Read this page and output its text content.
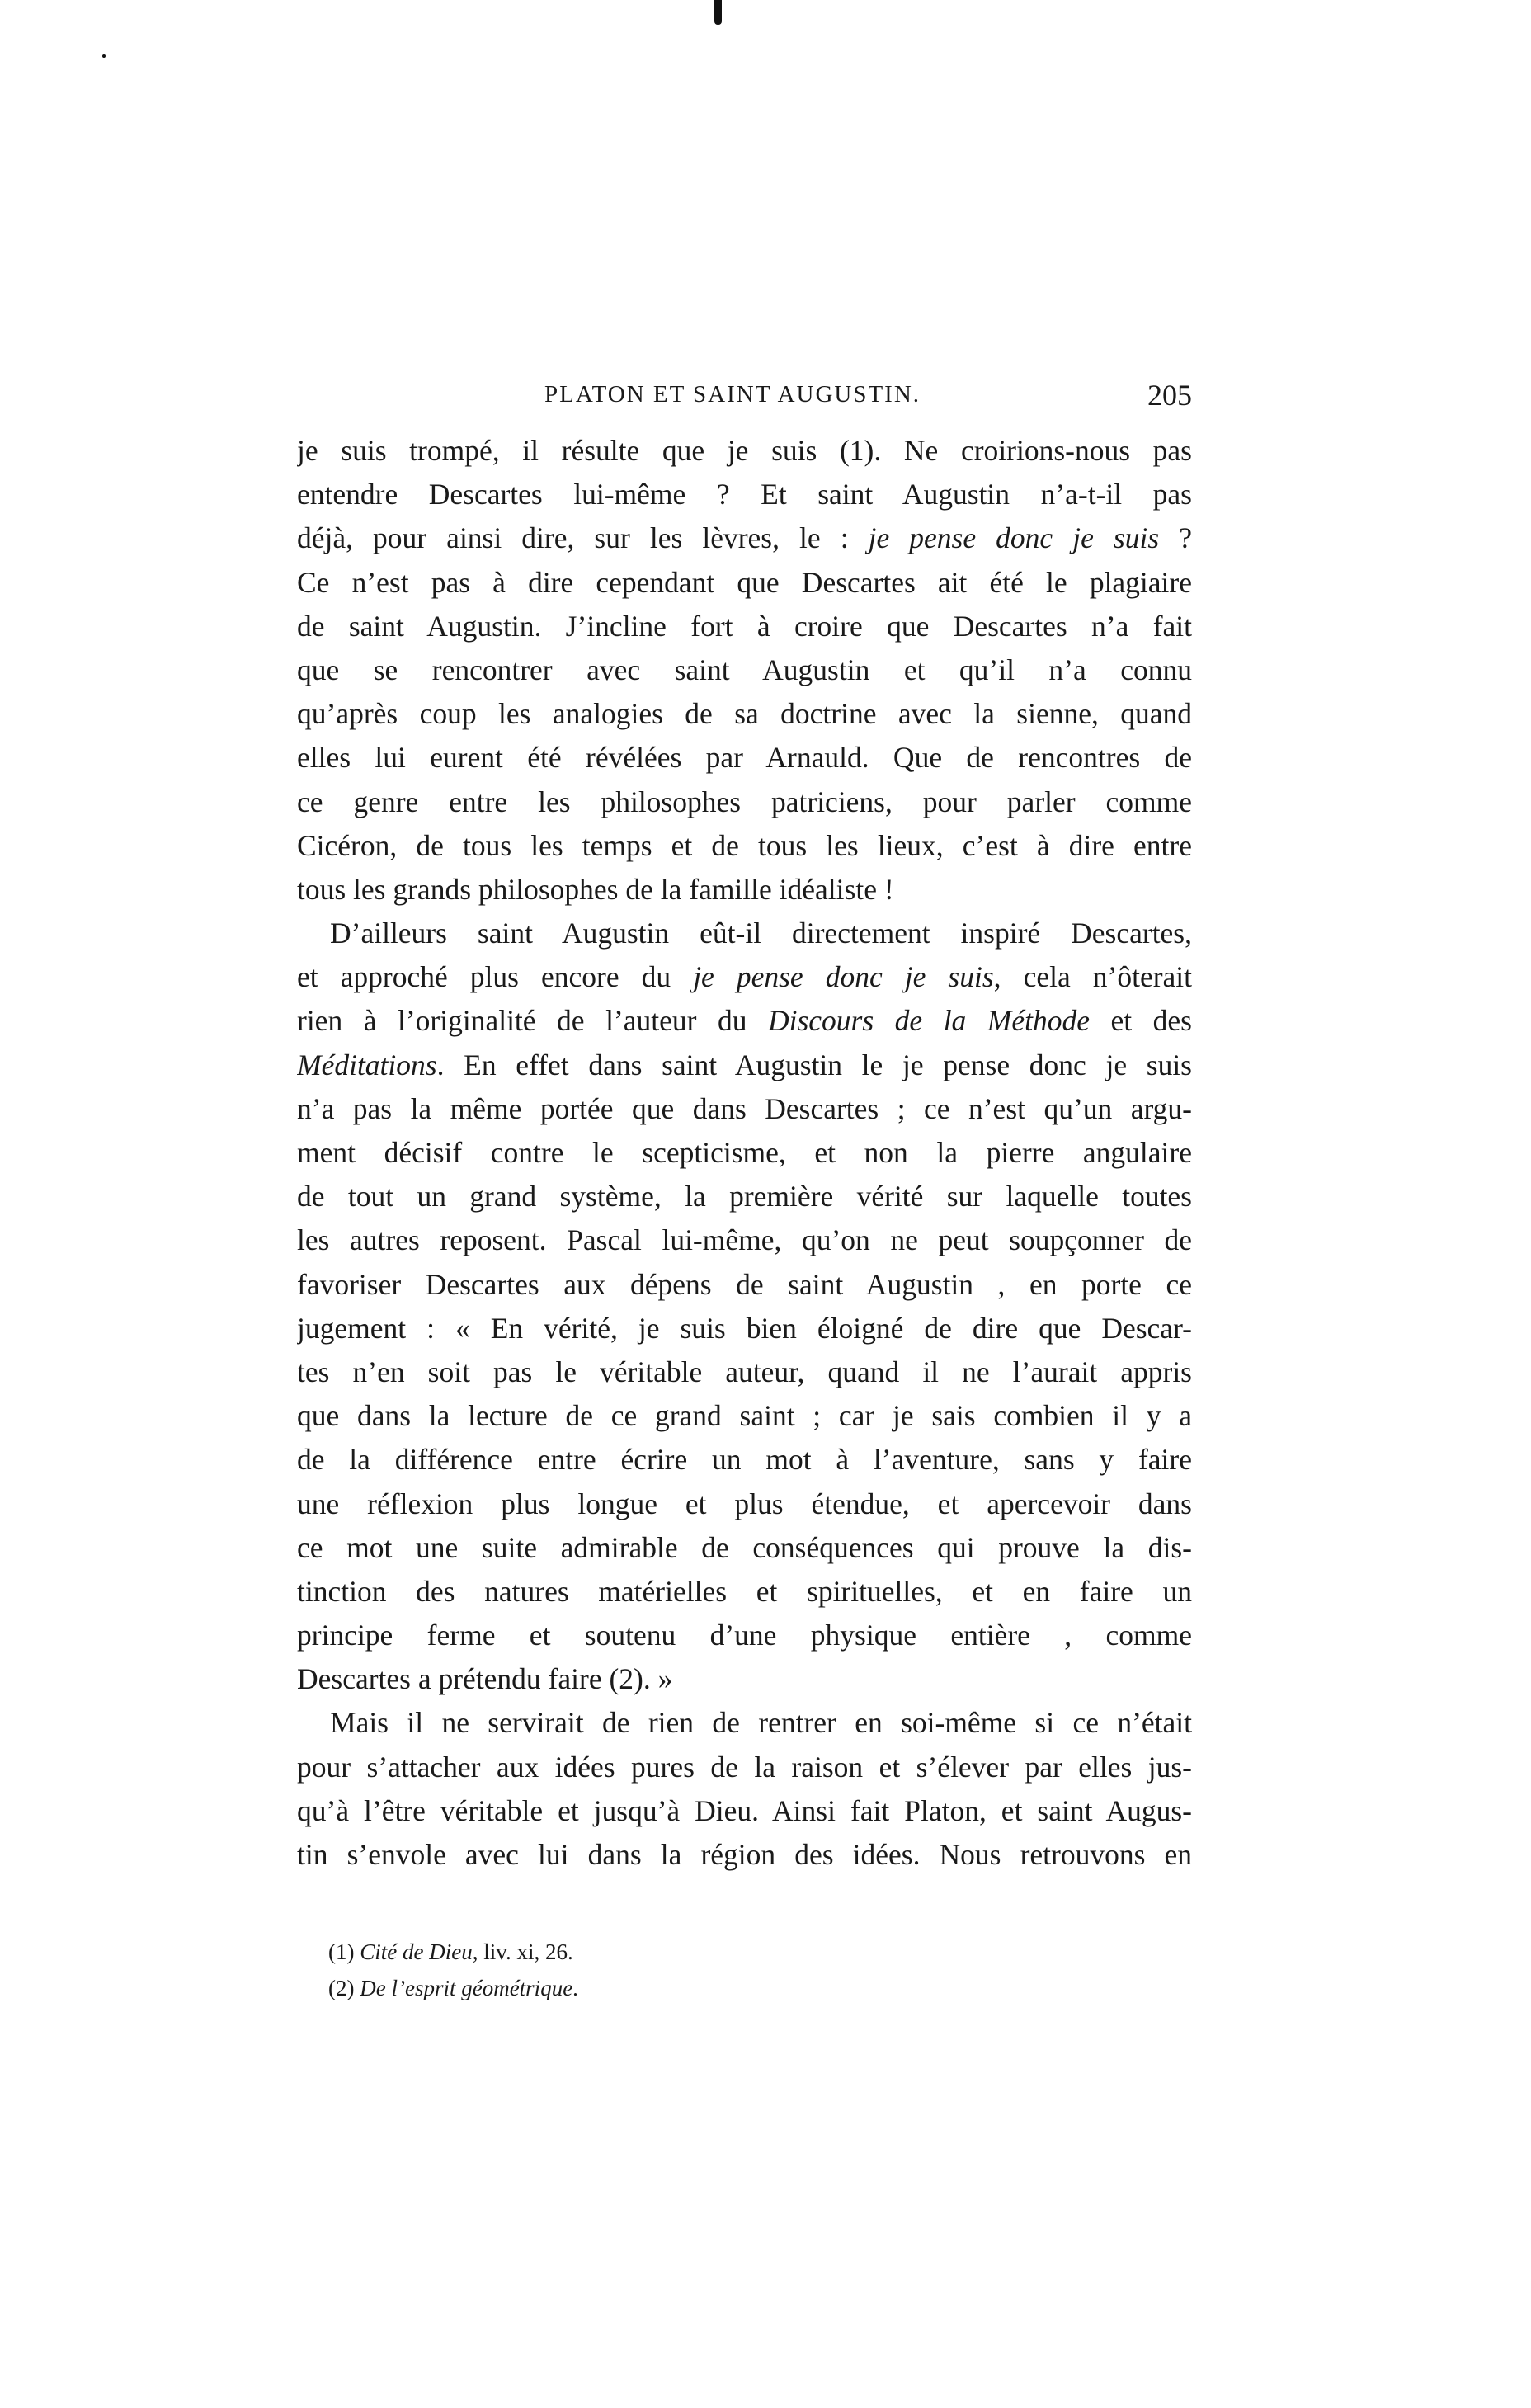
PLATON ET SAINT AUGUSTIN.	205
je suis trompé, il résulte que je suis (1). Ne croirions-nous pas
entendre Descartes lui-même ? Et saint Augustin n’a-t-il pas
déjà, pour ainsi dire, sur les lèvres, le : je pense donc je suis ?
Ce n’est pas à dire cependant que Descartes ait été le plagiaire
de saint Augustin. J’incline fort à croire que Descartes n’a fait
que se rencontrer avec saint Augustin et qu’il n’a connu
qu’après coup les analogies de sa doctrine avec la sienne, quand
elles lui eurent été révélées par Arnauld. Que de rencontres de
ce genre entre les philosophes patriciens, pour parler comme
Cicéron, de tous les temps et de tous les lieux, c’est à dire entre
tous les grands philosophes de la famille idéaliste !
D’ailleurs saint Augustin eût-il directement inspiré Descartes,
et approché plus encore du je pense donc je suis, cela n’ôterait
rien à l’originalité de l’auteur du Discours de la Méthode et des
Méditations. En effet dans saint Augustin le je pense donc je suis
n’a pas la même portée que dans Descartes ; ce n’est qu’un argu-
ment décisif contre le scepticisme, et non la pierre angulaire
de tout un grand système, la première vérité sur laquelle toutes
les autres reposent. Pascal lui-même, qu’on ne peut soupçonner de
favoriser Descartes aux dépens de saint Augustin , en porte ce
jugement : « En vérité, je suis bien éloigné de dire que Descar-
tes n’en soit pas le véritable auteur, quand il ne l’aurait appris
que dans la lecture de ce grand saint ; car je sais combien il y a
de la différence entre écrire un mot à l’aventure, sans y faire
une réflexion plus longue et plus étendue, et apercevoir dans
ce mot une suite admirable de conséquences qui prouve la dis-
tinction des natures matérielles et spirituelles, et en faire un
principe ferme et soutenu d’une physique entière , comme
Descartes a prétendu faire (2). »
Mais il ne servirait de rien de rentrer en soi-même si ce n’était
pour s’attacher aux idées pures de la raison et s’élever par elles jus-
qu’à l’être véritable et jusqu’à Dieu. Ainsi fait Platon, et saint Augus-
tin s’envole avec lui dans la région des idées. Nous retrouvons en
(1) Cité de Dieu, liv. xi, 26.
(2) De l’esprit géométrique.
